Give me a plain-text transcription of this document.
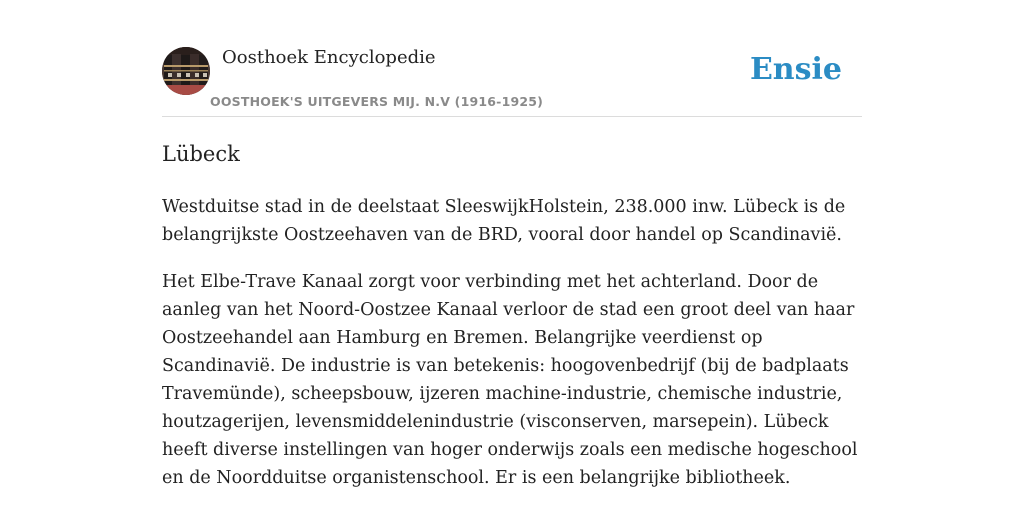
Oosthoek Encyclopedie
OOSTHOEK'S UITGEVERS MIJ. N.V (1916-1925)
Ensie
Lübeck

Westduitse stad in de deelstaat SleeswijkHolstein, 238.000 inw. Lübeck is de belangrijkste Oostzeehaven van de BRD, vooral door handel op Scandinavië.

Het Elbe-Trave Kanaal zorgt voor verbinding met het achterland. Door de aanleg van het Noord-Oostzee Kanaal verloor de stad een groot deel van haar Oostzeehandel aan Hamburg en Bremen. Belangrijke veerdienst op Scandinavië. De industrie is van betekenis: hoogovenbedrijf (bij de badplaats Travemünde), scheepsbouw, ijzeren machine-industrie, chemische industrie, houtzagerijen, levensmiddelenindustrie (visconserven, marsepein). Lübeck heeft diverse instellingen van hoger onderwijs zoals een medische hogeschool en de Noordduitse organistenschool. Er is een belangrijke bibliotheek.
